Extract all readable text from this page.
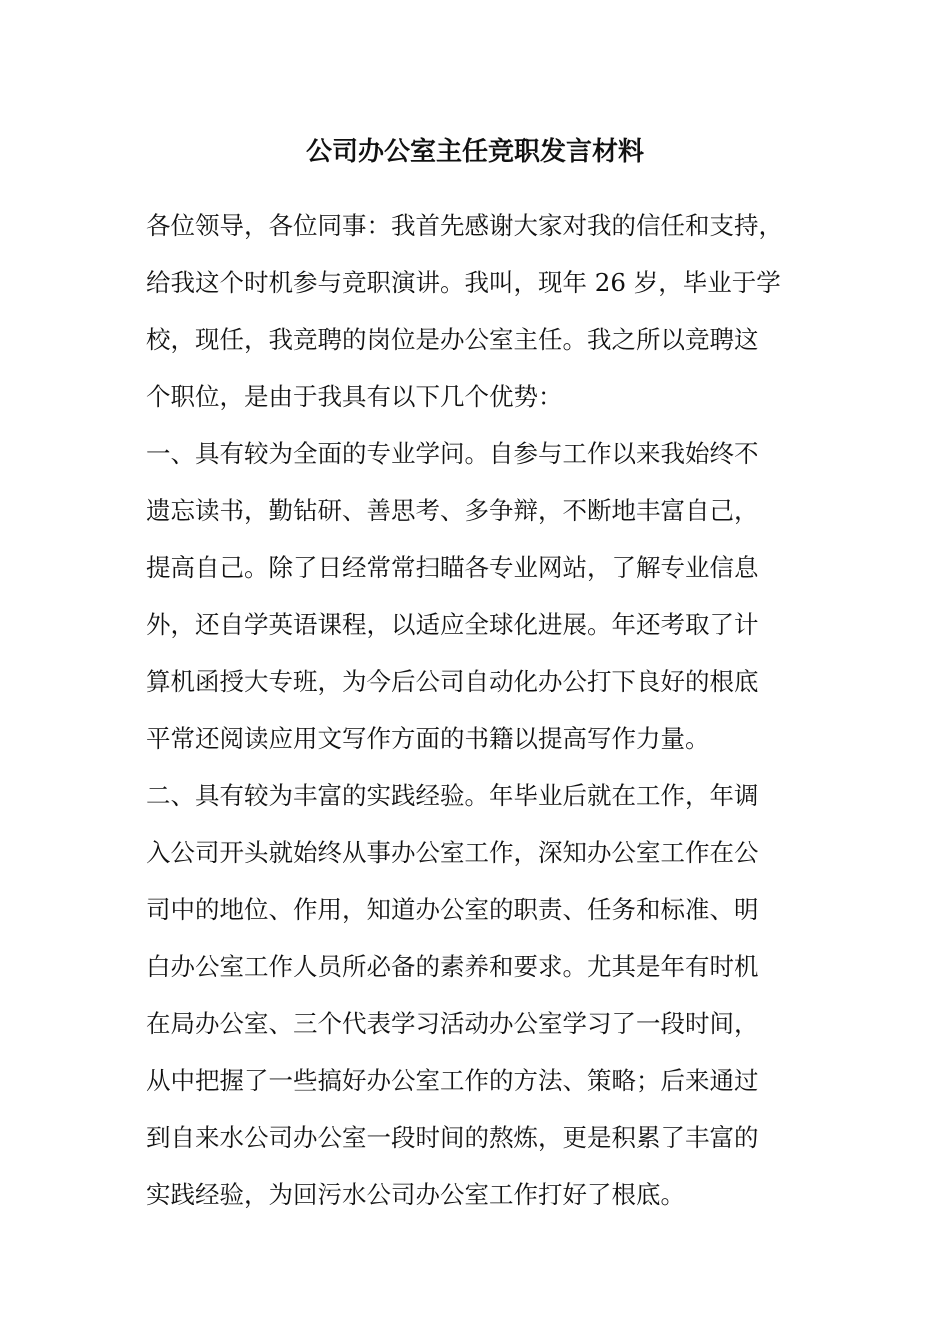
公司办公室主任竞职发言材料
各位领导，各位同事：我首先感谢大家对我的信任和支持，
给我这个时机参与竞职演讲。我叫，现年 26 岁，毕业于学
校，现任，我竞聘的岗位是办公室主任。我之所以竞聘这
个职位，是由于我具有以下几个优势：
一、具有较为全面的专业学问。自参与工作以来我始终不
遗忘读书，勤钻研、善思考、多争辩，不断地丰富自己，
提高自己。除了日经常常扫瞄各专业网站，了解专业信息
外，还自学英语课程，以适应全球化进展。年还考取了计
算机函授大专班，为今后公司自动化办公打下良好的根底
平常还阅读应用文写作方面的书籍以提高写作力量。
二、具有较为丰富的实践经验。年毕业后就在工作，年调
入公司开头就始终从事办公室工作，深知办公室工作在公
司中的地位、作用，知道办公室的职责、任务和标准、明
白办公室工作人员所必备的素养和要求。尤其是年有时机
在局办公室、三个代表学习活动办公室学习了一段时间，
从中把握了一些搞好办公室工作的方法、策略；后来通过
到自来水公司办公室一段时间的熬炼，更是积累了丰富的
实践经验，为回污水公司办公室工作打好了根底。
